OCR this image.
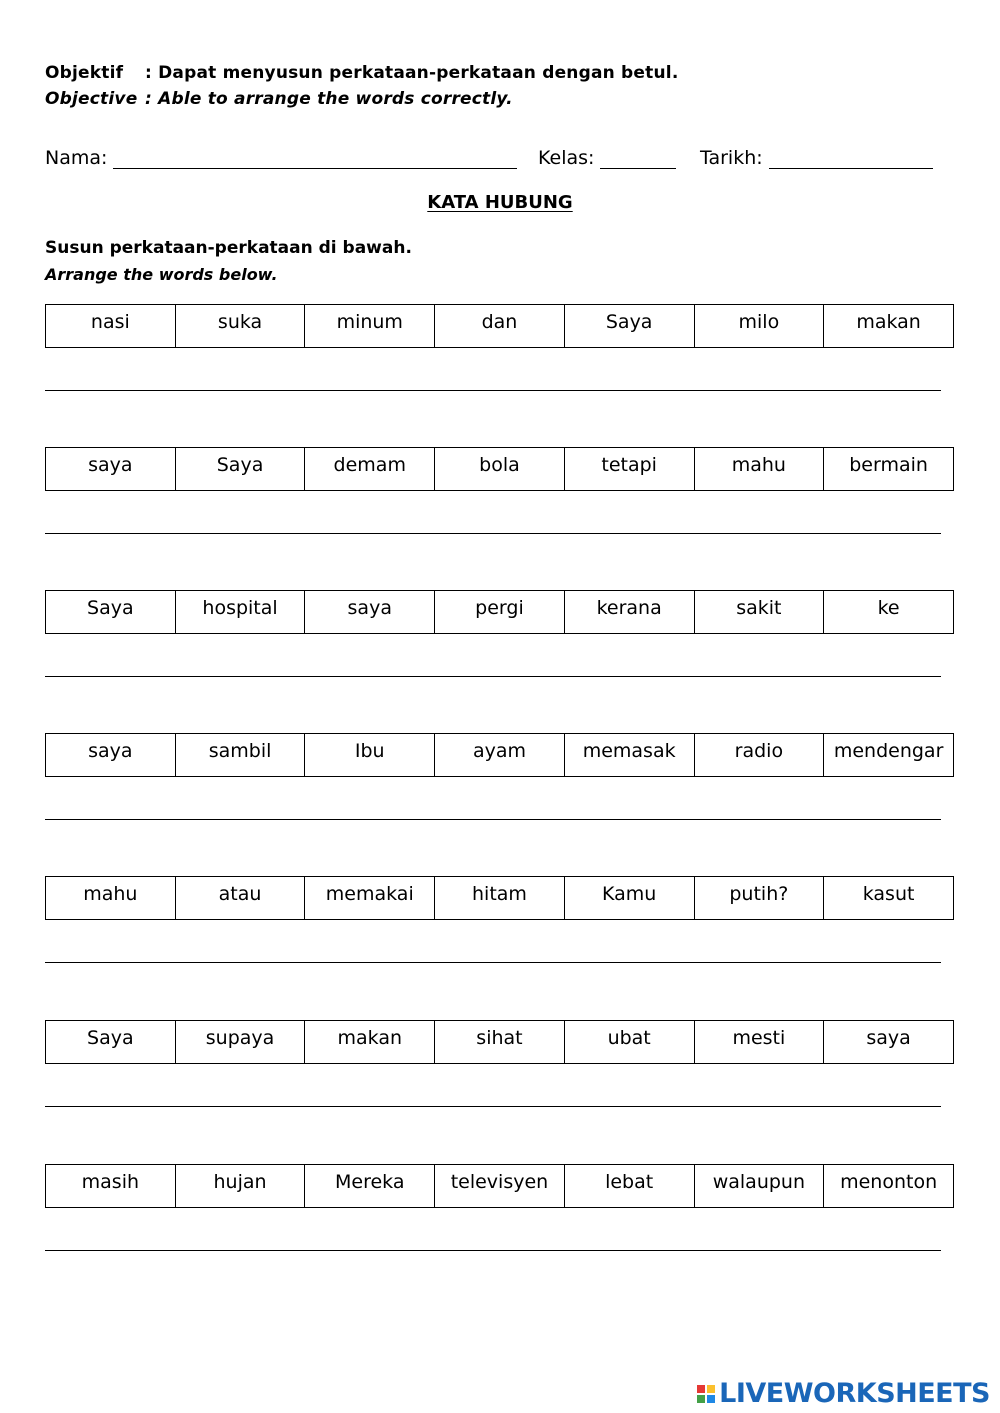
Objektif : Dapat menyusun perkataan-perkataan dengan betul.
Objective : Able to arrange the words correctly.
Nama:	Kelas:	Tarikh:
KATA HUBUNG
Susun perkataan-perkataan di bawah.
Arrange the words below.
nasi	suka	minum	dan	Saya	milo	makan
saya	Saya	demam	bola	tetapi	mahu	bermain
Saya	hospital	saya	pergi	kerana	sakit	ke
saya	sambil	Ibu	ayam	memasak	radio	mendengar
mahu	atau	memakai	hitam	Kamu	putih?	kasut
Saya	supaya	makan	sihat	ubat	mesti	saya
masih	hujan	Mereka	televisyen	lebat	walaupun	menonton
LIVEWORKSHEETS
